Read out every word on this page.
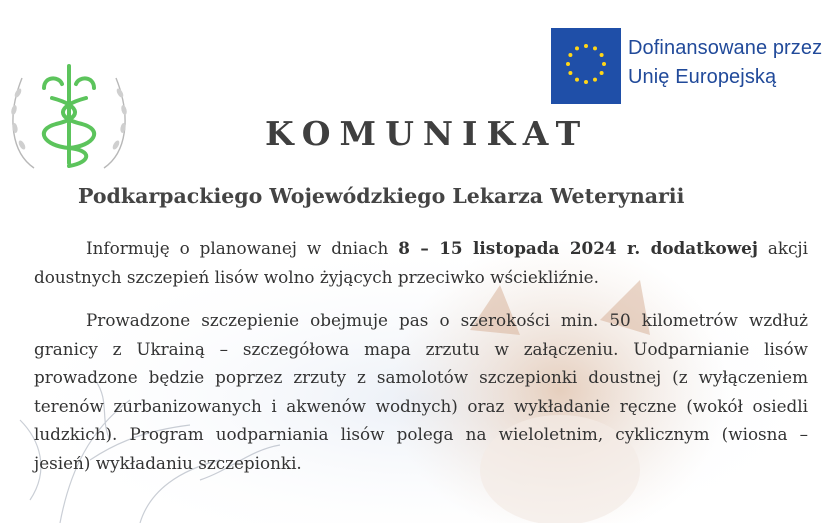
Dofinansowane przez
Unię Europejską
KOMUNIKAT
Podkarpackiego Wojewódzkiego Lekarza Weterynarii
Informuję o planowanej w dniach 8 – 15 listopada 2024 r. dodatkowej akcji doustnych szczepień lisów wolno żyjących przeciwko wściekliźnie.
Prowadzone szczepienie obejmuje pas o szerokości min. 50 kilometrów wzdłuż granicy z Ukrainą – szczegółowa mapa zrzutu w załączeniu. Uodparnianie lisów prowadzone będzie poprzez zrzuty z samolotów szczepionki doustnej (z wyłączeniem terenów zurbanizowanych i akwenów wodnych) oraz wykładanie ręczne (wokół osiedli ludzkich). Program uodparniania lisów polega na wieloletnim, cyklicznym (wiosna – jesień) wykładaniu szczepionki.
